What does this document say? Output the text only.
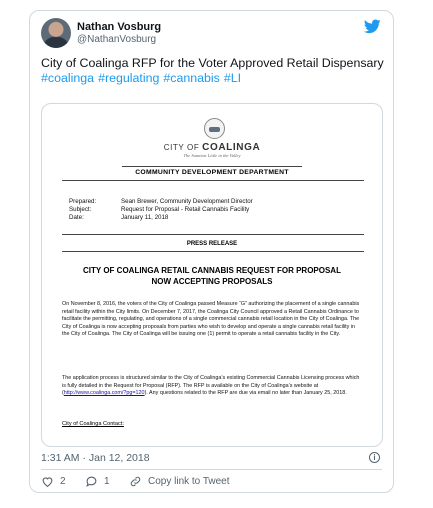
Nathan Vosburg
@NathanVosburg
City of Coalinga RFP for the Voter Approved Retail Dispensary
#coalinga #regulating #cannabis #LI
CITY OF COALINGA
The Sunniest Little in the Valley
COMMUNITY DEVELOPMENT DEPARTMENT
Prepared:	Sean Brewer, Community Development Director
Subject:	Request for Proposal - Retail Cannabis Facility
Date:	January 11, 2018
PRESS RELEASE
CITY OF COALINGA RETAIL CANNABIS REQUEST FOR PROPOSAL
NOW ACCEPTING PROPOSALS
On November 8, 2016, the voters of the City of Coalinga passed Measure “G” authorizing the placement of a single cannabis retail facility within the City limits. On December 7, 2017, the Coalinga City Council approved a Retail Cannabis Ordinance to facilitate the permitting, regulating, and operations of a single commercial cannabis retail location in the City of Coalinga. The City of Coalinga is now accepting proposals from parties who wish to develop and operate a single cannabis retail facility in the City of Coalinga. The City of Coalinga will be issuing one (1) permit to operate a retail cannabis facility in the City.
The application process is structured similar to the City of Coalinga’s existing Commercial Cannabis Licensing process which is fully detailed in the Request for Proposal (RFP). The RFP is available on the City of Coalinga’s website at (http://www.coalinga.com/?pg=120). Any questions related to the RFP are due via email no later than January 25, 2018.
City of Coalinga Contact:
1:31 AM · Jan 12, 2018	i
2	1	Copy link to Tweet
